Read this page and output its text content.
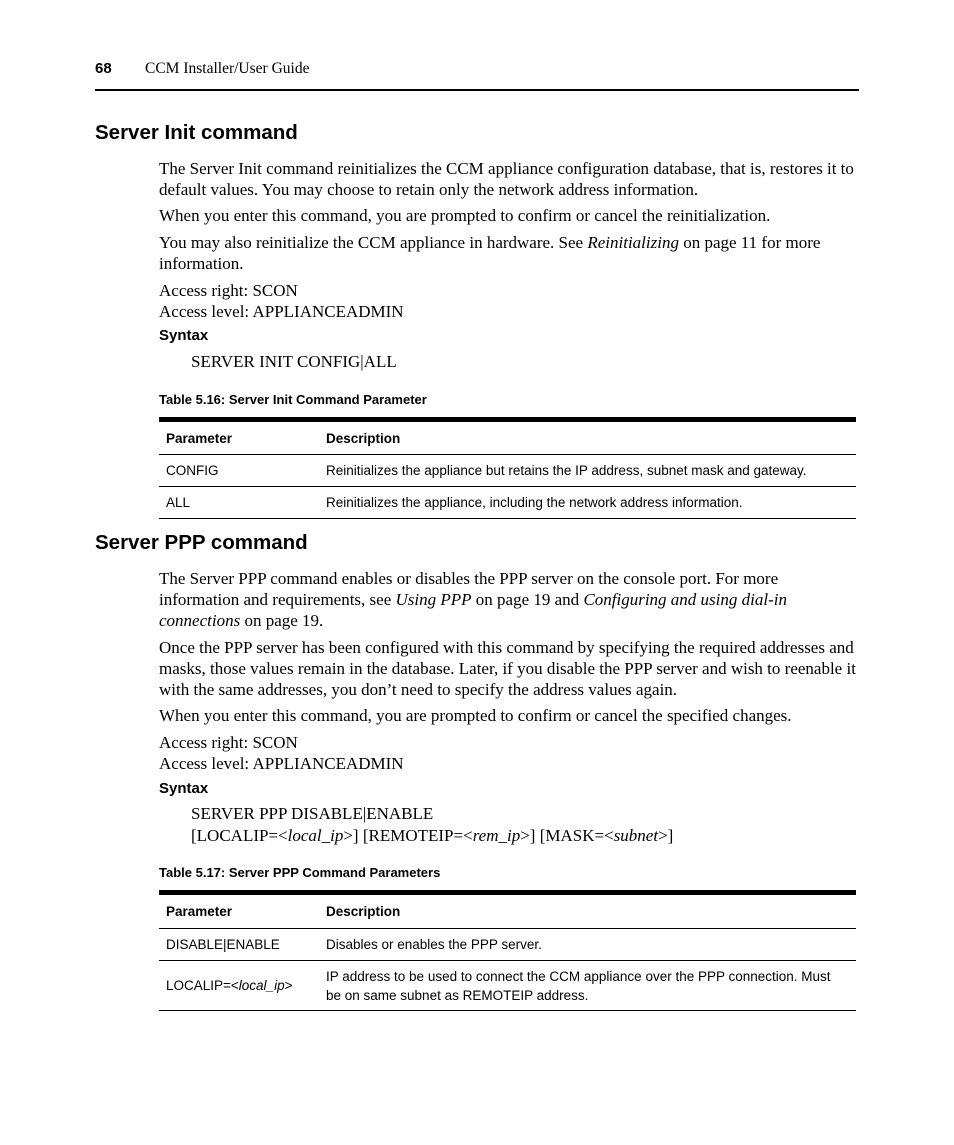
68 CCM Installer/User Guide
Server Init command

The Server Init command reinitializes the CCM appliance configuration database, that is, restores it to default values. You may choose to retain only the network address information.

When you enter this command, you are prompted to confirm or cancel the reinitialization.

You may also reinitialize the CCM appliance in hardware. See Reinitializing on page 11 for more information.

Access right: SCON
Access level: APPLIANCEADMIN

Syntax
SERVER INIT CONFIG|ALL
Table 5.16: Server Init Command Parameter
Parameter	Description
CONFIG	Reinitializes the appliance but retains the IP address, subnet mask and gateway.
ALL	Reinitializes the appliance, including the network address information.
Server PPP command

The Server PPP command enables or disables the PPP server on the console port. For more information and requirements, see Using PPP on page 19 and Configuring and using dial-in connections on page 19.

Once the PPP server has been configured with this command by specifying the required addresses and masks, those values remain in the database. Later, if you disable the PPP server and wish to reenable it with the same addresses, you don’t need to specify the address values again.

When you enter this command, you are prompted to confirm or cancel the specified changes.

Access right: SCON
Access level: APPLIANCEADMIN

Syntax
SERVER PPP DISABLE|ENABLE
[LOCALIP=<local_ip>] [REMOTEIP=<rem_ip>] [MASK=<subnet>]
Table 5.17: Server PPP Command Parameters
Parameter	Description
DISABLE|ENABLE	Disables or enables the PPP server.
LOCALIP=<local_ip>	IP address to be used to connect the CCM appliance over the PPP connection. Must be on same subnet as REMOTEIP address.
